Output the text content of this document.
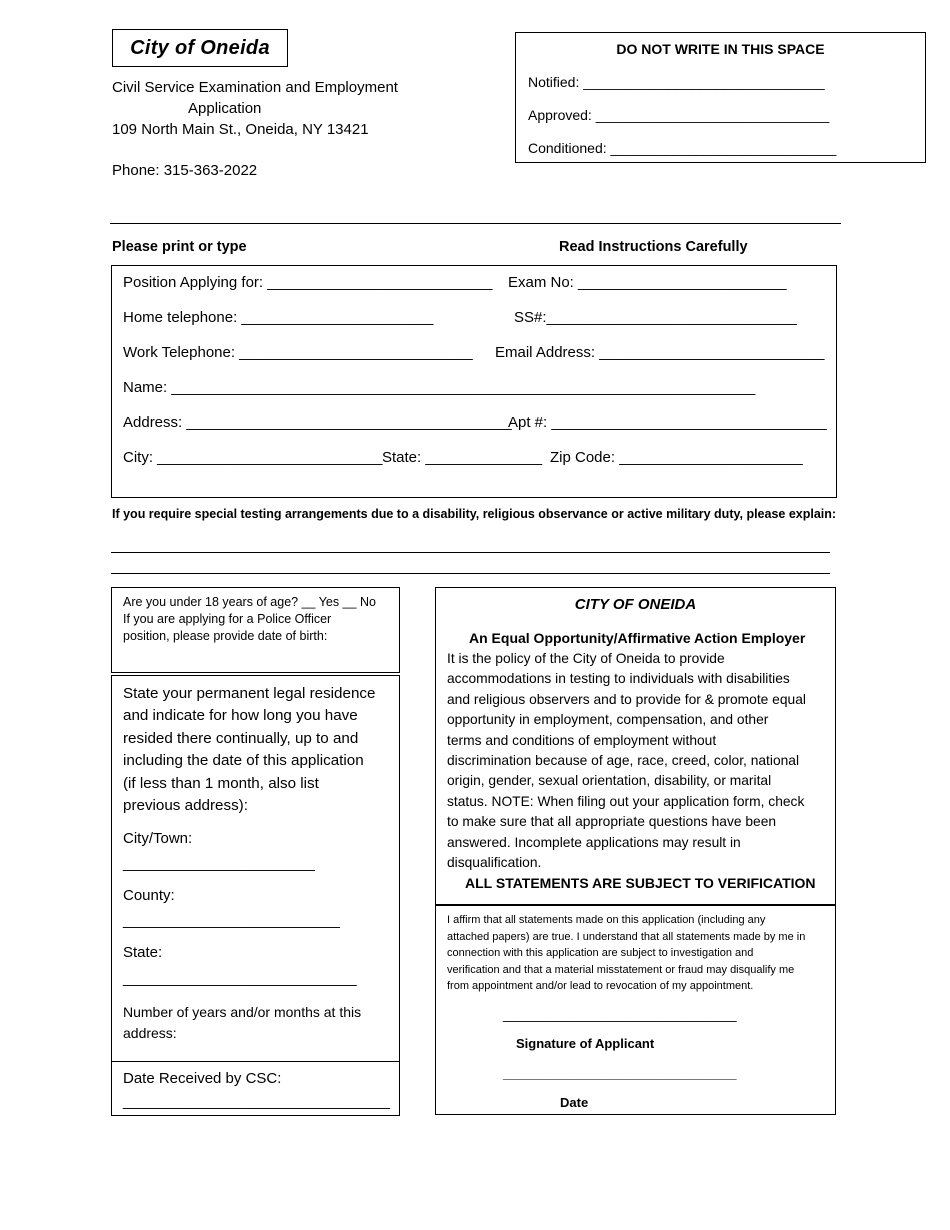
City of Oneida
Civil Service Examination and Employment
Application
109 North Main St., Oneida, NY 13421
Phone: 315-363-2022
DO NOT WRITE IN THIS SPACE
Notified: _______________________________
Approved: ______________________________
Conditioned: _____________________________
Please print or type	Read Instructions Carefully
Position Applying for: ___________________________ Exam No: _________________________
Home telephone: _______________________	SS#:______________________________
Work Telephone: ____________________________ Email Address: ___________________________
Name: ______________________________________________________________________
Address: _______________________________________
Apt #: _________________________________
City: ___________________________ State: ______________ Zip Code: ______________________
If you require special testing arrangements due to a disability, religious observance or active military duty, please explain:
Are you under 18 years of age? __ Yes __ No
If you are applying for a Police Officer
position, please provide date of birth:
State your permanent legal residence
and indicate for how long you have
resided there continually, up to and
including the date of this application
(if less than 1 month, also list
previous address):
City/Town:
_______________________
County:
__________________________
State:
____________________________
Number of years and/or months at this
address:
Date Received by CSC:
________________________________
CITY OF ONEIDA
An Equal Opportunity/Affirmative Action Employer
It is the policy of the City of Oneida to provide
accommodations in testing to individuals with disabilities
and religious observers and to provide for & promote equal
opportunity in employment, compensation, and other
terms and conditions of employment without
discrimination because of age, race, creed, color, national
origin, gender, sexual orientation, disability, or marital
status. NOTE: When filing out your application form, check
to make sure that all appropriate questions have been
answered. Incomplete applications may result in
disqualification.
ALL STATEMENTS ARE SUBJECT TO VERIFICATION
I affirm that all statements made on this application (including any
attached papers) are true. I understand that all statements made by me in
connection with this application are subject to investigation and
verification and that a material misstatement or fraud may disqualify me
from appointment and/or lead to revocation of my appointment.
______________________________
Signature of Applicant
______________________________
Date
